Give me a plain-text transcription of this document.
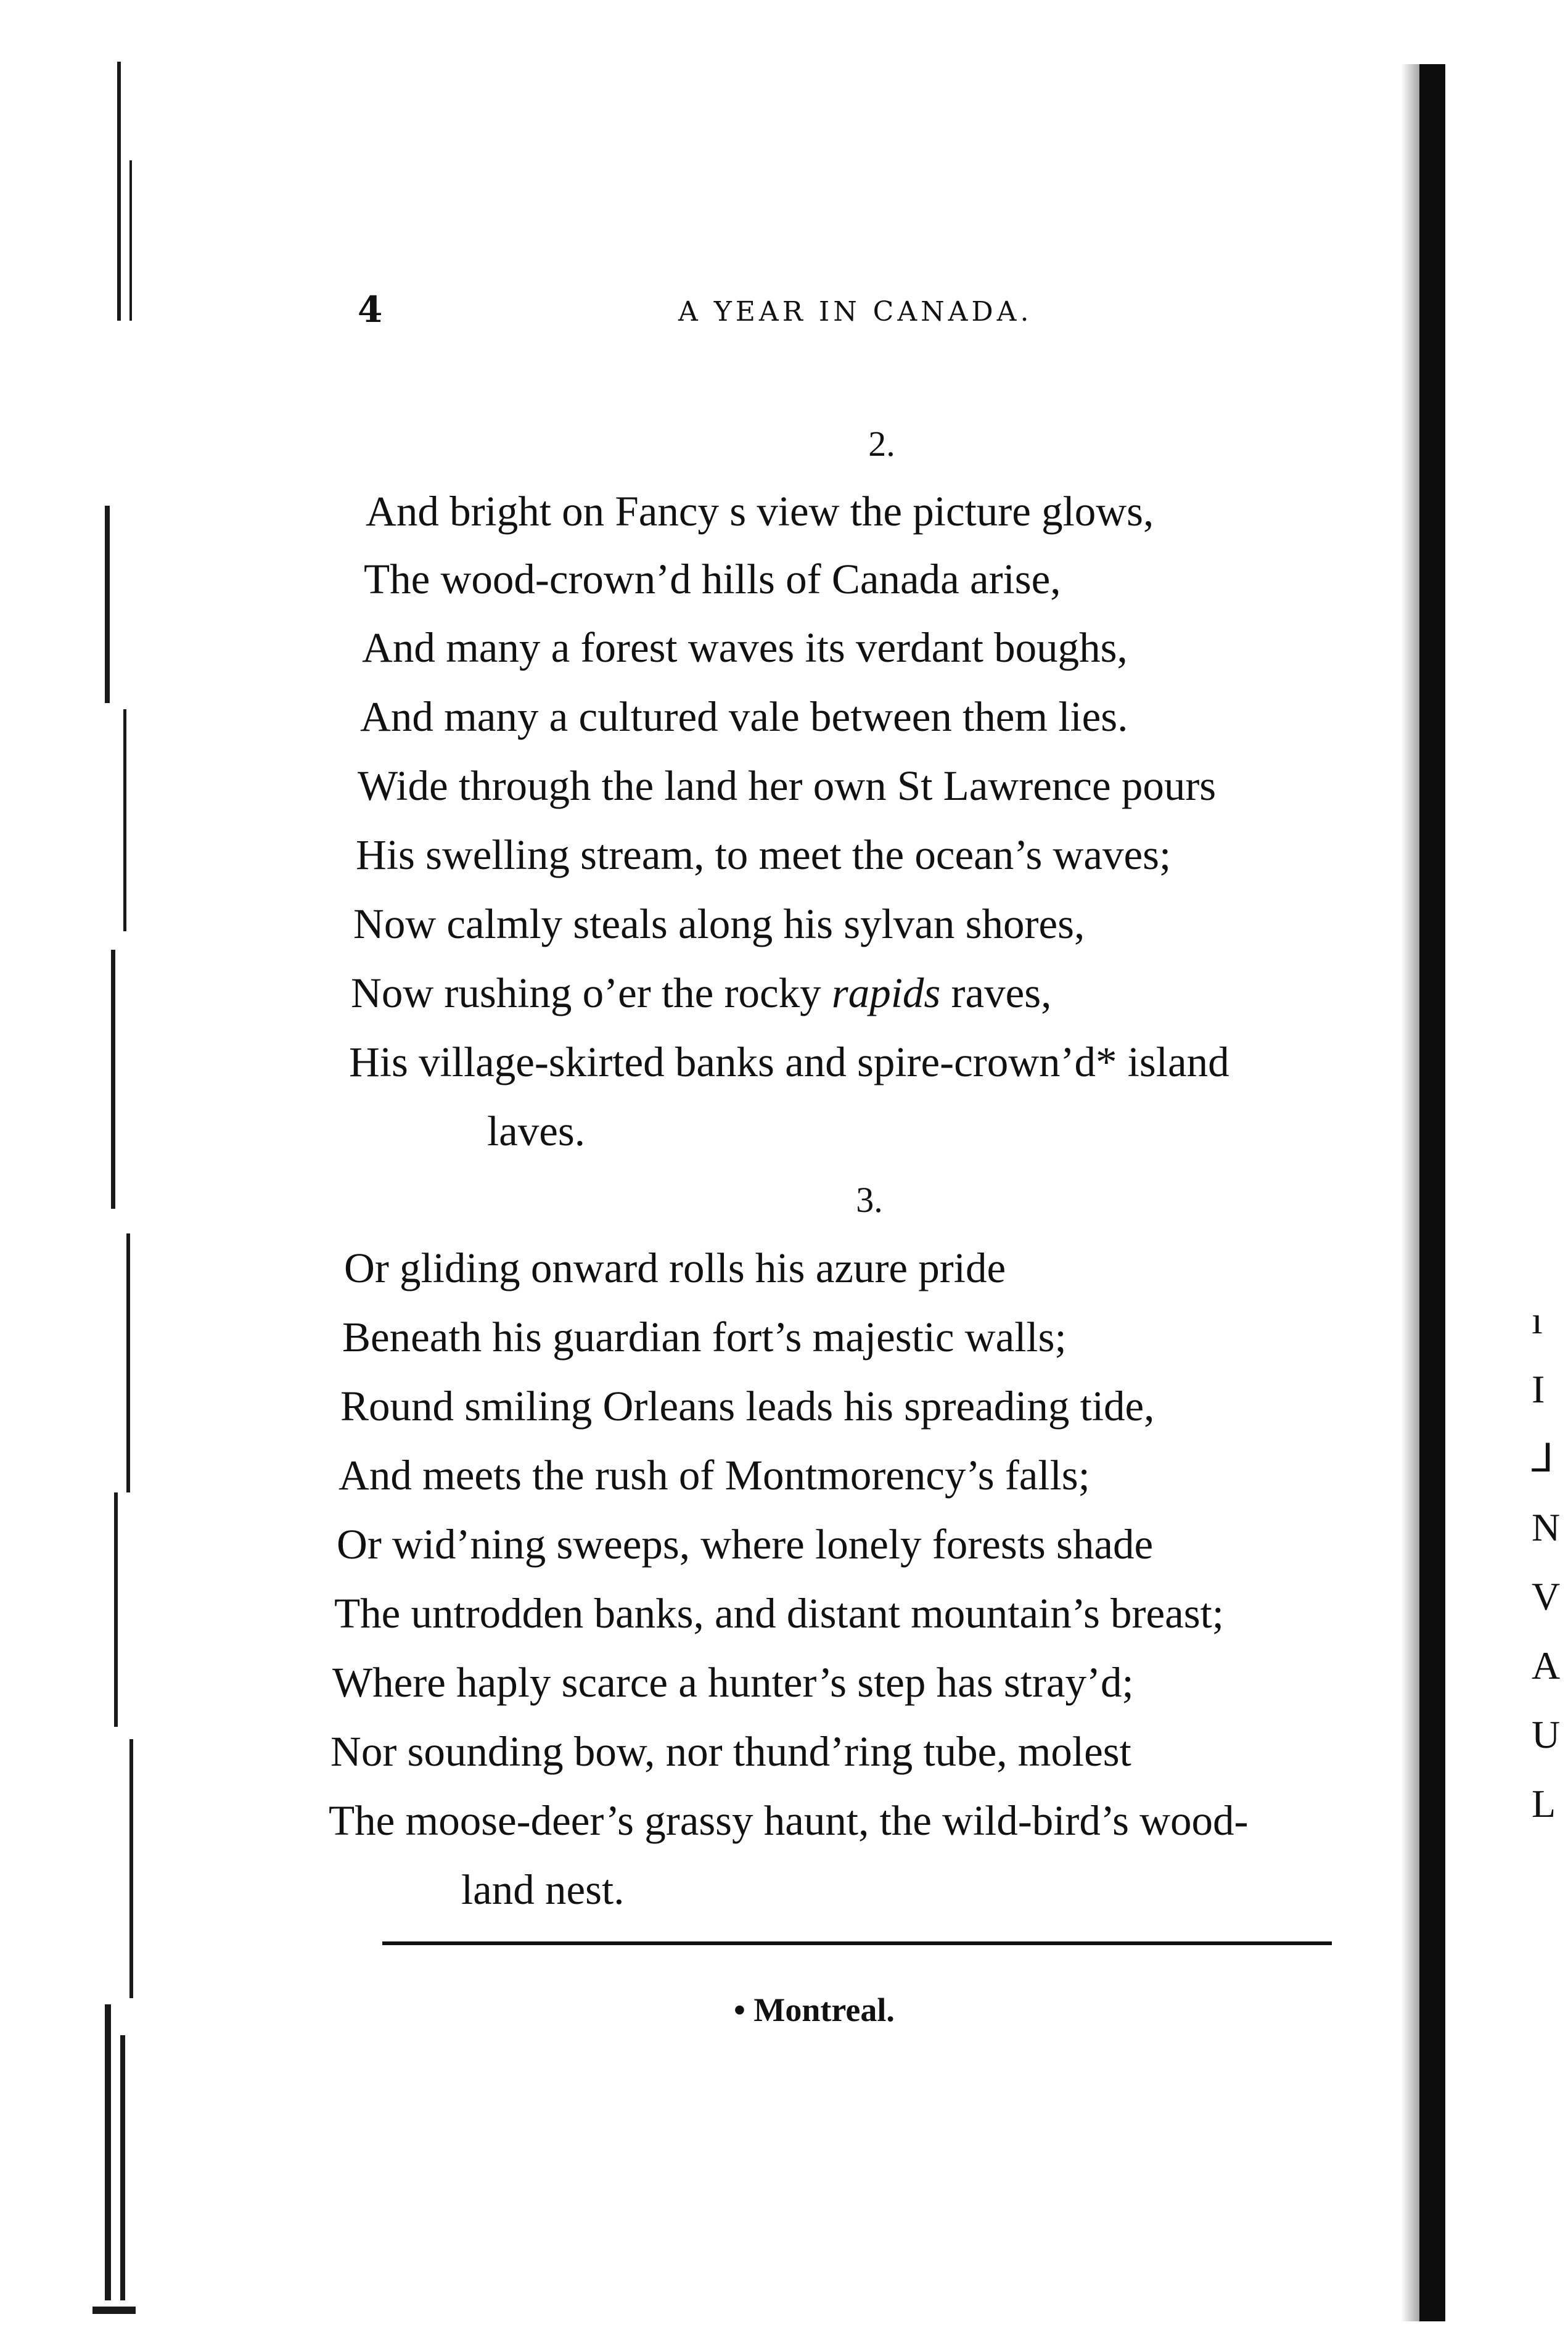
ı
I
⅃
N
V
A
U
L
4	A YEAR IN CANADA.
2.
And bright on Fancy s view the picture glows,
The wood-crown’d hills of Canada arise,
And many a forest waves its verdant boughs,
And many a cultured vale between them lies.
Wide through the land her own St Lawrence pours
His swelling stream, to meet the ocean’s waves;
Now calmly steals along his sylvan shores,
Now rushing o’er the rocky rapids raves,
His village-skirted banks and spire-crown’d* island
laves.
3.
Or gliding onward rolls his azure pride
Beneath his guardian fort’s majestic walls;
Round smiling Orleans leads his spreading tide,
And meets the rush of Montmorency’s falls;
Or wid’ning sweeps, where lonely forests shade
The untrodden banks, and distant mountain’s breast;
Where haply scarce a hunter’s step has stray’d;
Nor sounding bow, nor thund’ring tube, molest
The moose-deer’s grassy haunt, the wild-bird’s wood-
land nest.
• Montreal.
